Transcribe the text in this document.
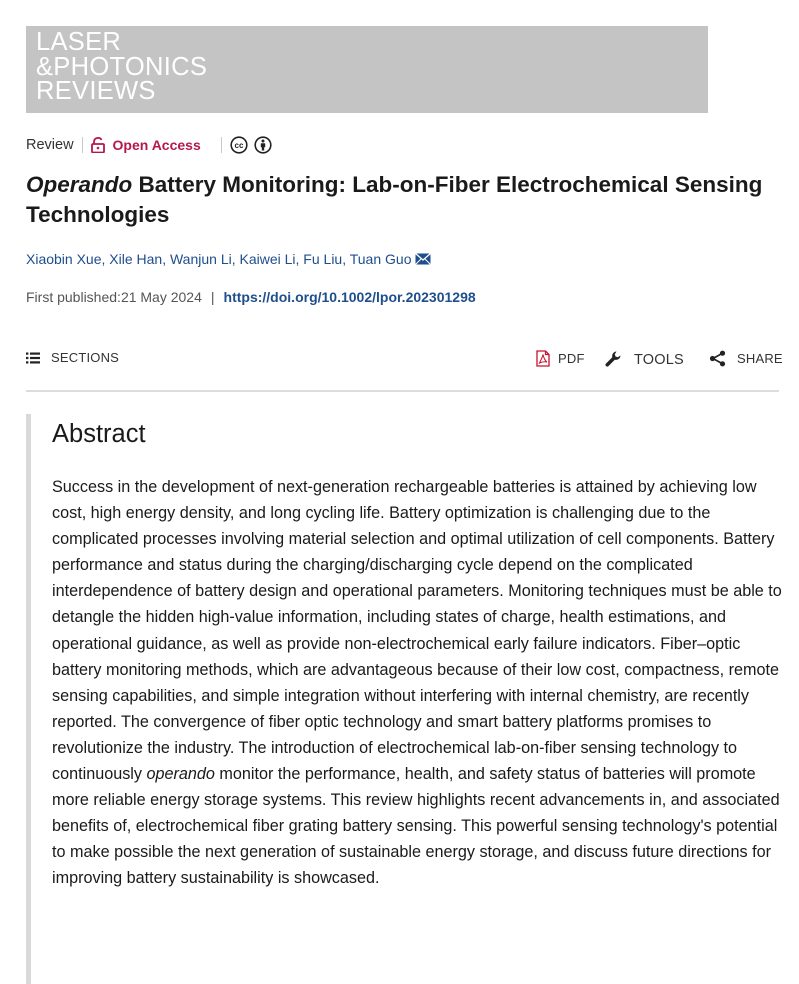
LASER
&PHOTONICS
REVIEWS
Review	Open Access	cc
Operando Battery Monitoring: Lab-on-Fiber Electrochemical Sensing Technologies
Xiaobin Xue, Xile Han, Wanjun Li, Kaiwei Li, Fu Liu, Tuan Guo
First published: 21 May 2024 | https://doi.org/10.1002/lpor.202301298
SECTIONS	PDF	TOOLS	SHARE
Abstract

Success in the development of next-generation rechargeable batteries is attained by achieving low cost, high energy density, and long cycling life. Battery optimization is challenging due to the complicated processes involving material selection and optimal utilization of cell components. Battery performance and status during the charging/discharging cycle depend on the complicated interdependence of battery design and operational parameters. Monitoring techniques must be able to detangle the hidden high-value information, including states of charge, health estimations, and operational guidance, as well as provide non-electrochemical early failure indicators. Fiber–optic battery monitoring methods, which are advantageous because of their low cost, compactness, remote sensing capabilities, and simple integration without interfering with internal chemistry, are recently reported. The convergence of fiber optic technology and smart battery platforms promises to revolutionize the industry. The introduction of electrochemical lab-on-fiber sensing technology to continuously operando monitor the performance, health, and safety status of batteries will promote more reliable energy storage systems. This review highlights recent advancements in, and associated benefits of, electrochemical fiber grating battery sensing. This powerful sensing technology's potential to make possible the next generation of sustainable energy storage, and discuss future directions for improving battery sustainability is showcased.
